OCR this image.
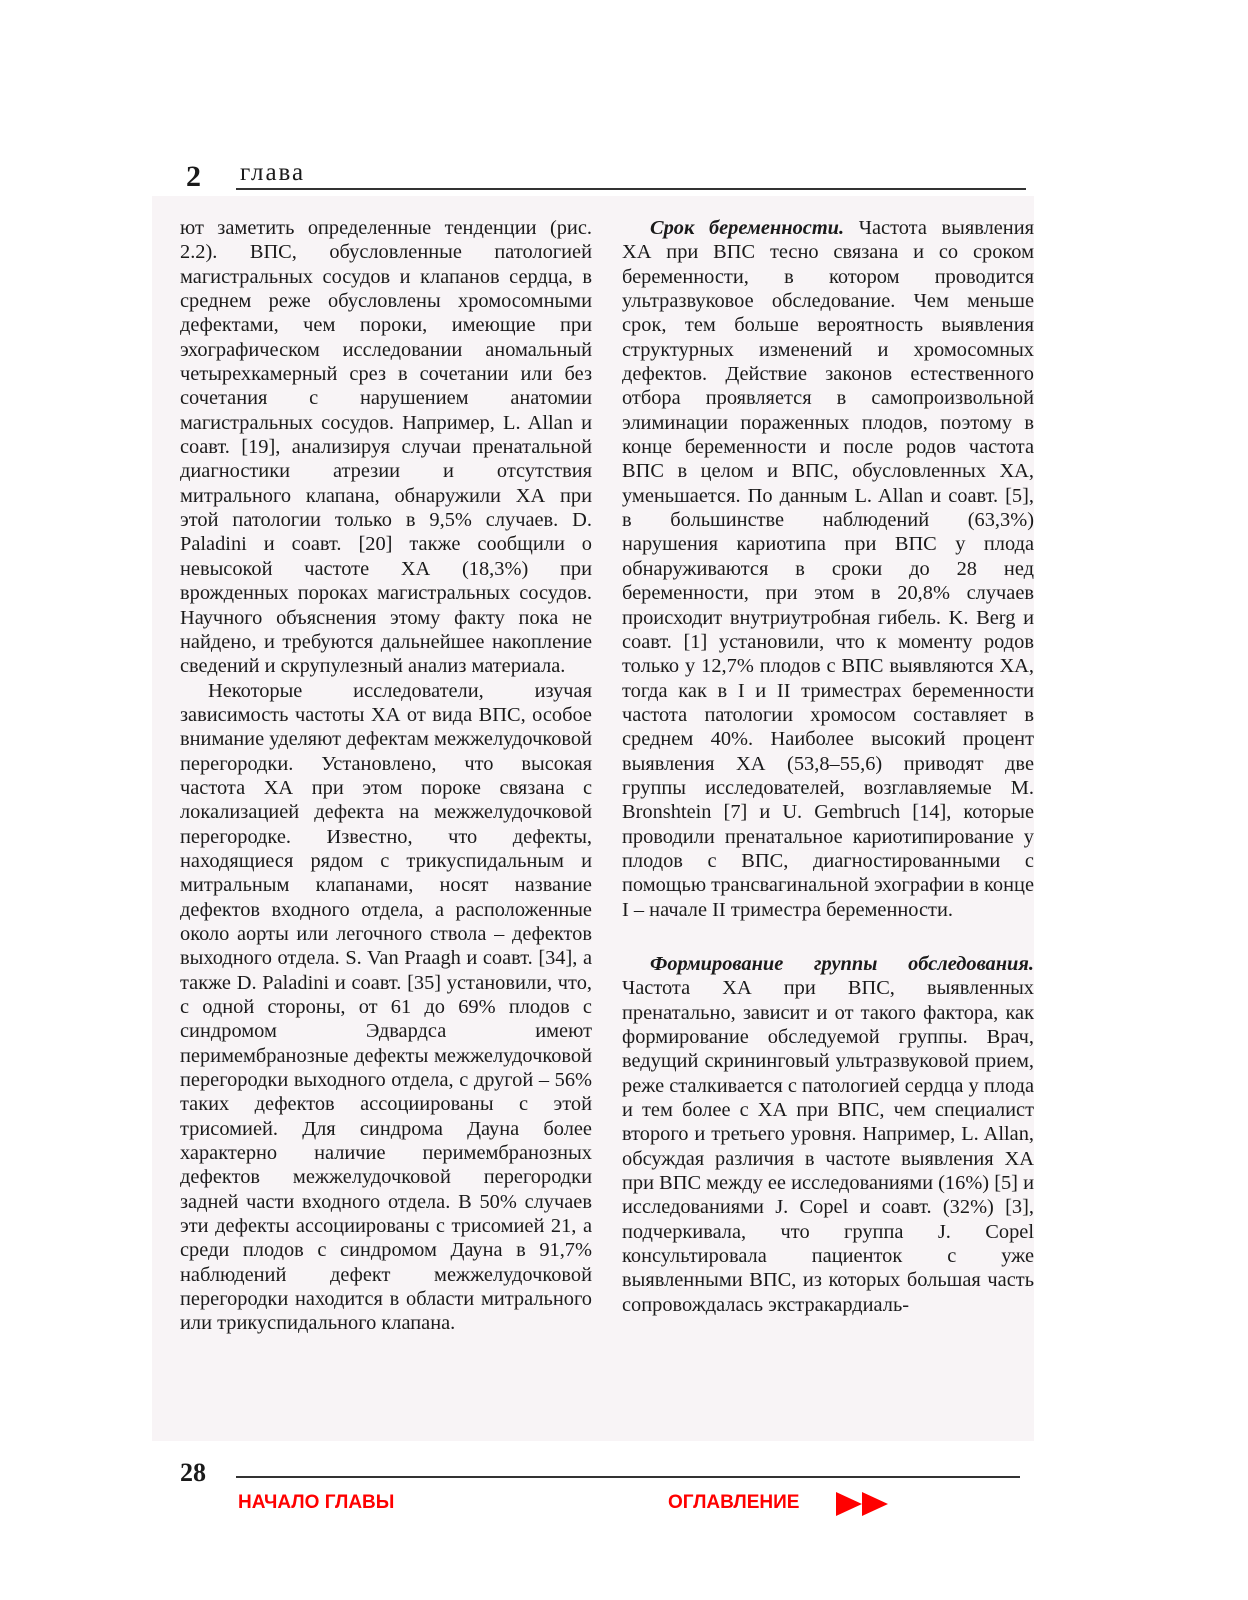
2 глава

ют заметить определенные тенденции (рис. 2.2). ВПС, обусловленные патологией магистральных сосудов и клапанов сердца, в среднем реже обусловлены хромосомными дефектами, чем пороки, имеющие при эхографическом исследовании аномальный четырехкамерный срез в сочетании или без сочетания с нарушением анатомии магистральных сосудов. Например, L. Allan и соавт. [19], анализируя случаи пренатальной диагностики атрезии и отсутствия митрального клапана, обнаружили ХА при этой патологии только в 9,5% случаев. D. Paladini и соавт. [20] также сообщили о невысокой частоте ХА (18,3%) при врожденных пороках магистральных сосудов. Научного объяснения этому факту пока не найдено, и требуются дальнейшее накопление сведений и скрупулезный анализ материала.

Некоторые исследователи, изучая зависимость частоты ХА от вида ВПС, особое внимание уделяют дефектам межжелудочковой перегородки. Установлено, что высокая частота ХА при этом пороке связана с локализацией дефекта на межжелудочковой перегородке. Известно, что дефекты, находящиеся рядом с трикуспидальным и митральным клапанами, носят название дефектов входного отдела, а расположенные около аорты или легочного ствола – дефектов выходного отдела. S. Van Praagh и соавт. [34], а также D. Paladini и соавт. [35] установили, что, с одной стороны, от 61 до 69% плодов с синдромом Эдвардса имеют перимембранозные дефекты межжелудочковой перегородки выходного отдела, с другой – 56% таких дефектов ассоциированы с этой трисомией. Для синдрома Дауна более характерно наличие перимембранозных дефектов межжелудочковой перегородки задней части входного отдела. В 50% случаев эти дефекты ассоциированы с трисомией 21, а среди плодов с синдромом Дауна в 91,7% наблюдений дефект межжелудочковой перегородки находится в области митрального или трикуспидального клапана.

Срок беременности. Частота выявления ХА при ВПС тесно связана и со сроком беременности, в котором проводится ультразвуковое обследование. Чем меньше срок, тем больше вероятность выявления структурных изменений и хромосомных дефектов. Действие законов естественного отбора проявляется в самопроизвольной элиминации пораженных плодов, поэтому в конце беременности и после родов частота ВПС в целом и ВПС, обусловленных ХА, уменьшается. По данным L. Allan и соавт. [5], в большинстве наблюдений (63,3%) нарушения кариотипа при ВПС у плода обнаруживаются в сроки до 28 нед беременности, при этом в 20,8% случаев происходит внутриутробная гибель. K. Berg и соавт. [1] установили, что к моменту родов только у 12,7% плодов с ВПС выявляются ХА, тогда как в I и II триместрах беременности частота патологии хромосом составляет в среднем 40%. Наиболее высокий процент выявления ХА (53,8–55,6) приводят две группы исследователей, возглавляемые M. Bronshtein [7] и U. Gembruch [14], которые проводили пренатальное кариотипирование у плодов с ВПС, диагностированными с помощью трансвагинальной эхографии в конце I – начале II триместра беременности.

Формирование группы обследования. Частота ХА при ВПС, выявленных пренатально, зависит и от такого фактора, как формирование обследуемой группы. Врач, ведущий скрининговый ультразвуковой прием, реже сталкивается с патологией сердца у плода и тем более с ХА при ВПС, чем специалист второго и третьего уровня. Например, L. Allan, обсуждая различия в частоте выявления ХА при ВПС между ее исследованиями (16%) [5] и исследованиями J. Copel и соавт. (32%) [3], подчеркивала, что группа J. Copel консультировала пациенток с уже выявленными ВПС, из которых большая часть сопровождалась экстракардиаль-

28
НАЧАЛО ГЛАВЫ	ОГЛАВЛЕНИЕ
